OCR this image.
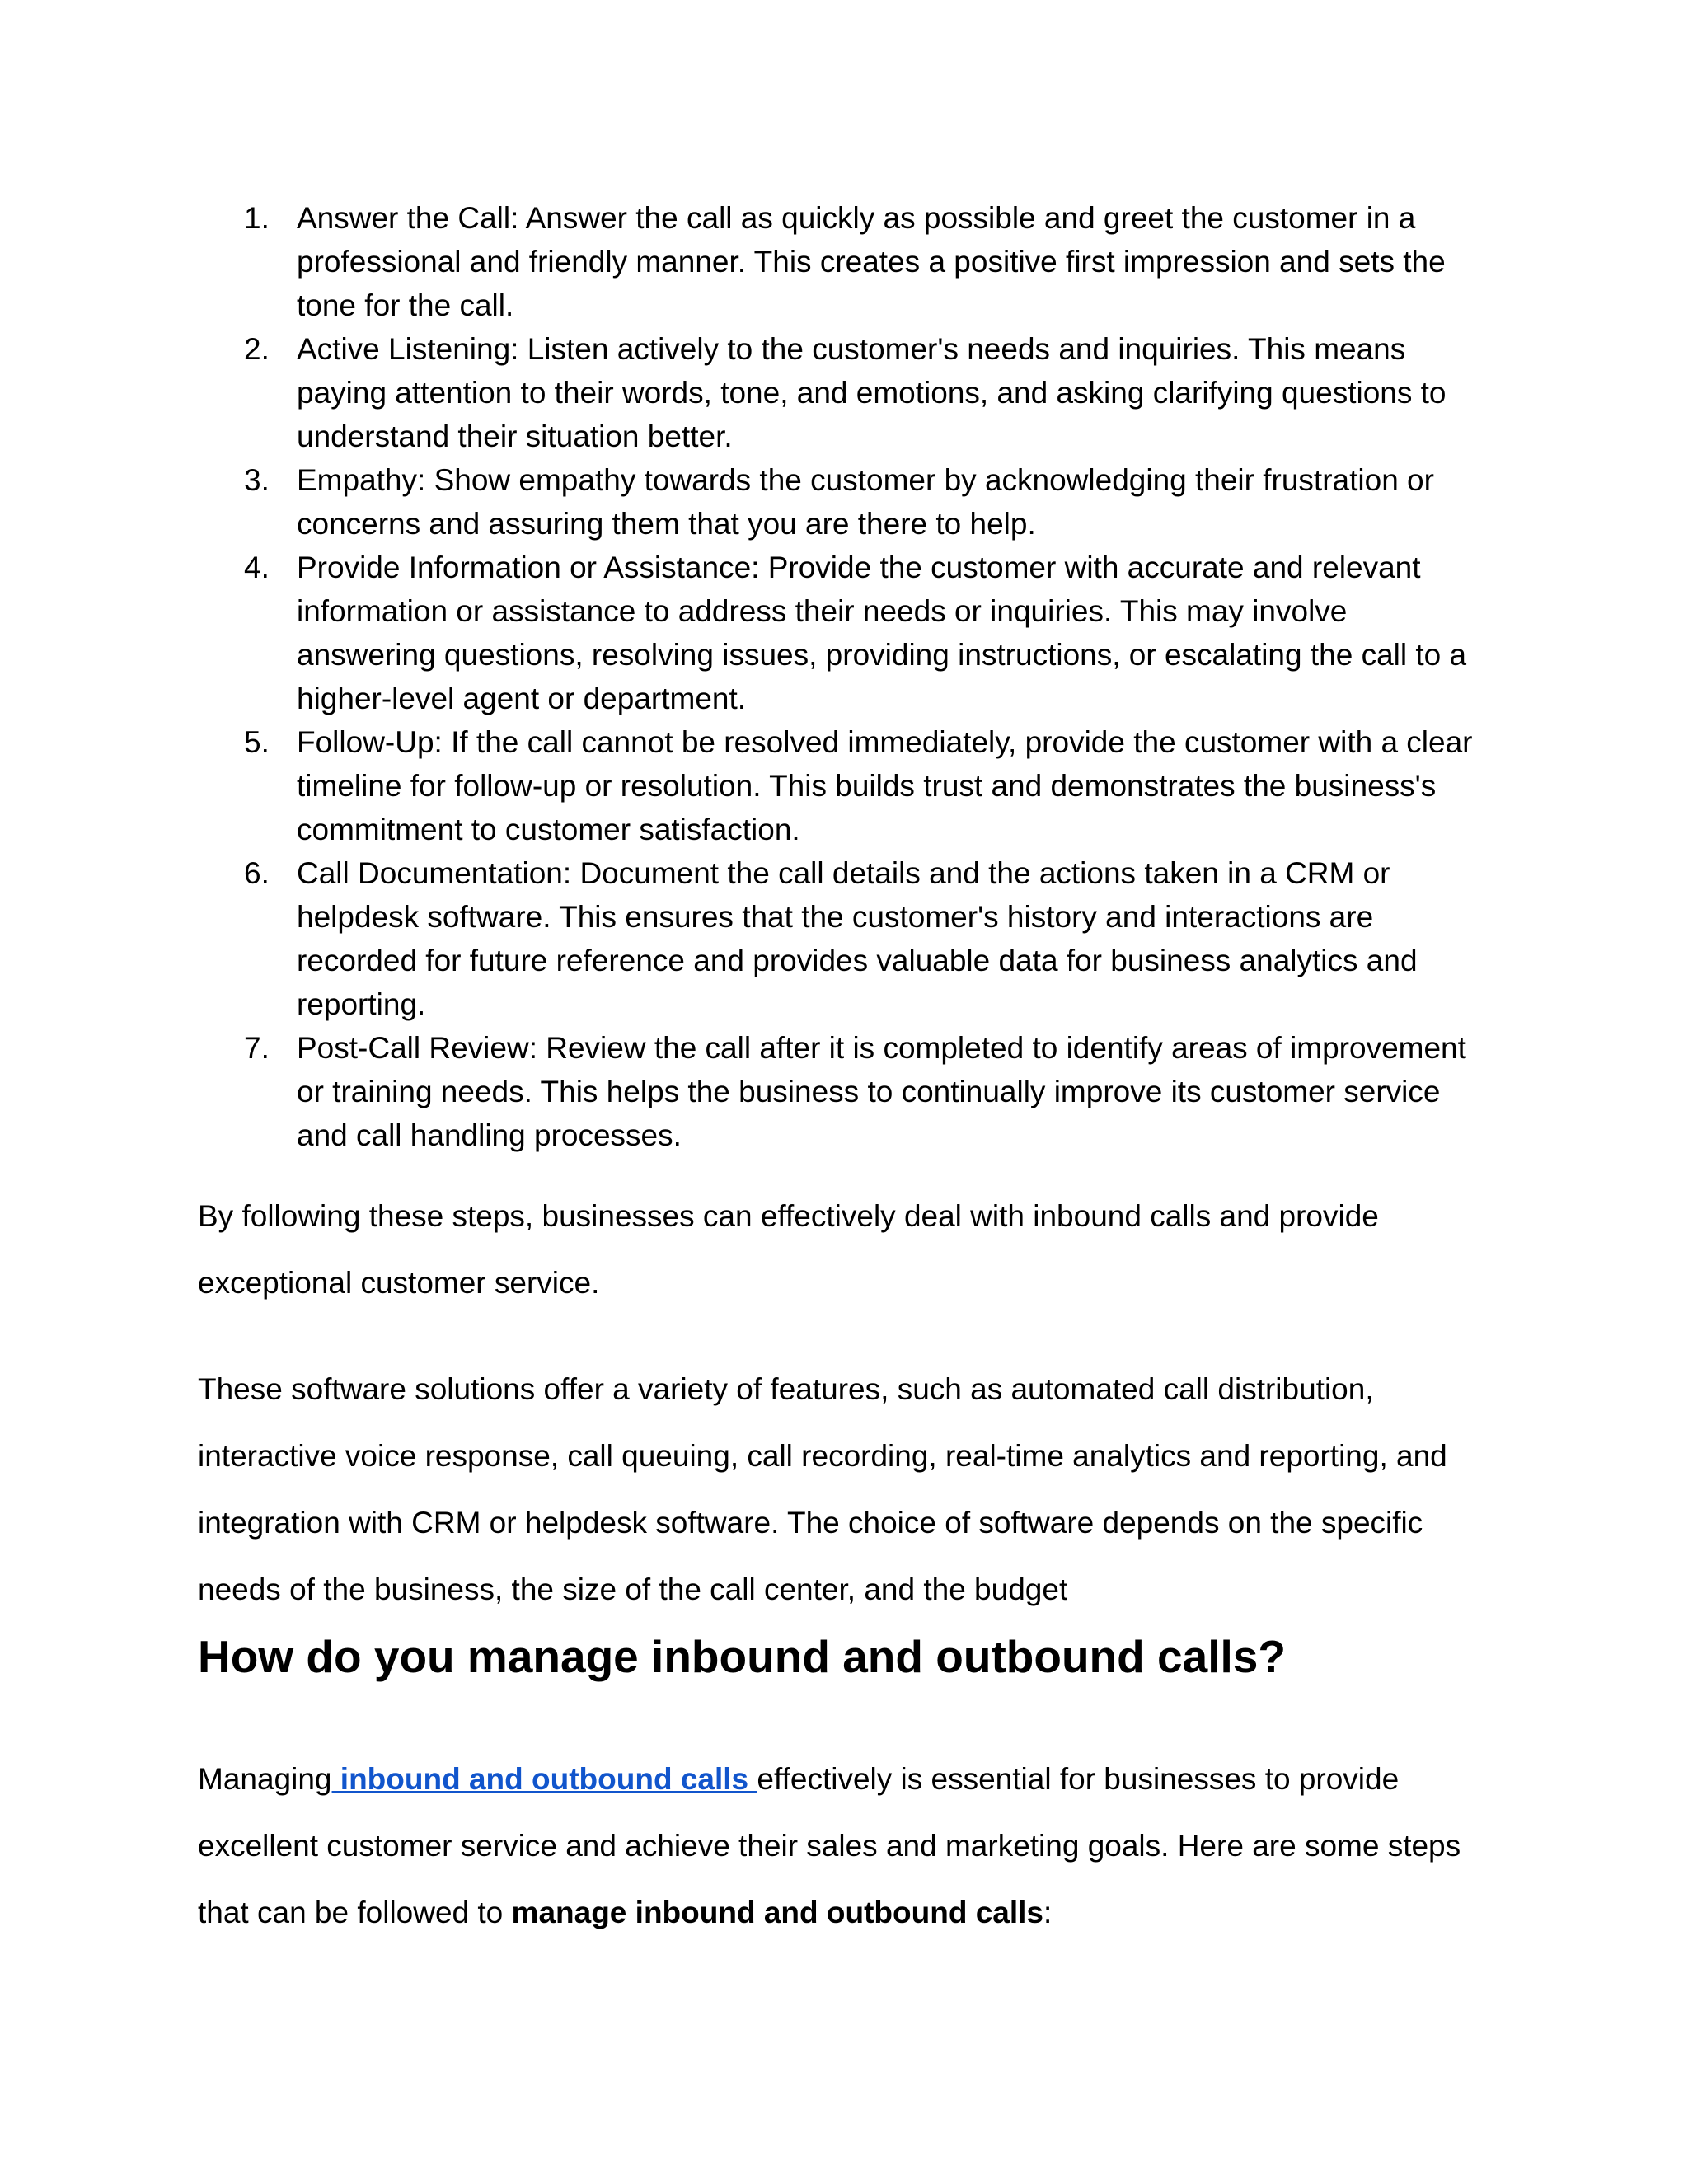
1. Answer the Call: Answer the call as quickly as possible and greet the customer in a professional and friendly manner. This creates a positive first impression and sets the tone for the call.
2. Active Listening: Listen actively to the customer's needs and inquiries. This means paying attention to their words, tone, and emotions, and asking clarifying questions to understand their situation better.
3. Empathy: Show empathy towards the customer by acknowledging their frustration or concerns and assuring them that you are there to help.
4. Provide Information or Assistance: Provide the customer with accurate and relevant information or assistance to address their needs or inquiries. This may involve answering questions, resolving issues, providing instructions, or escalating the call to a higher-level agent or department.
5. Follow-Up: If the call cannot be resolved immediately, provide the customer with a clear timeline for follow-up or resolution. This builds trust and demonstrates the business's commitment to customer satisfaction.
6. Call Documentation: Document the call details and the actions taken in a CRM or helpdesk software. This ensures that the customer's history and interactions are recorded for future reference and provides valuable data for business analytics and reporting.
7. Post-Call Review: Review the call after it is completed to identify areas of improvement or training needs. This helps the business to continually improve its customer service and call handling processes.

By following these steps, businesses can effectively deal with inbound calls and provide exceptional customer service.

These software solutions offer a variety of features, such as automated call distribution, interactive voice response, call queuing, call recording, real-time analytics and reporting, and integration with CRM or helpdesk software. The choice of software depends on the specific needs of the business, the size of the call center, and the budget

How do you manage inbound and outbound calls?

Managing inbound and outbound calls effectively is essential for businesses to provide excellent customer service and achieve their sales and marketing goals. Here are some steps that can be followed to manage inbound and outbound calls:
